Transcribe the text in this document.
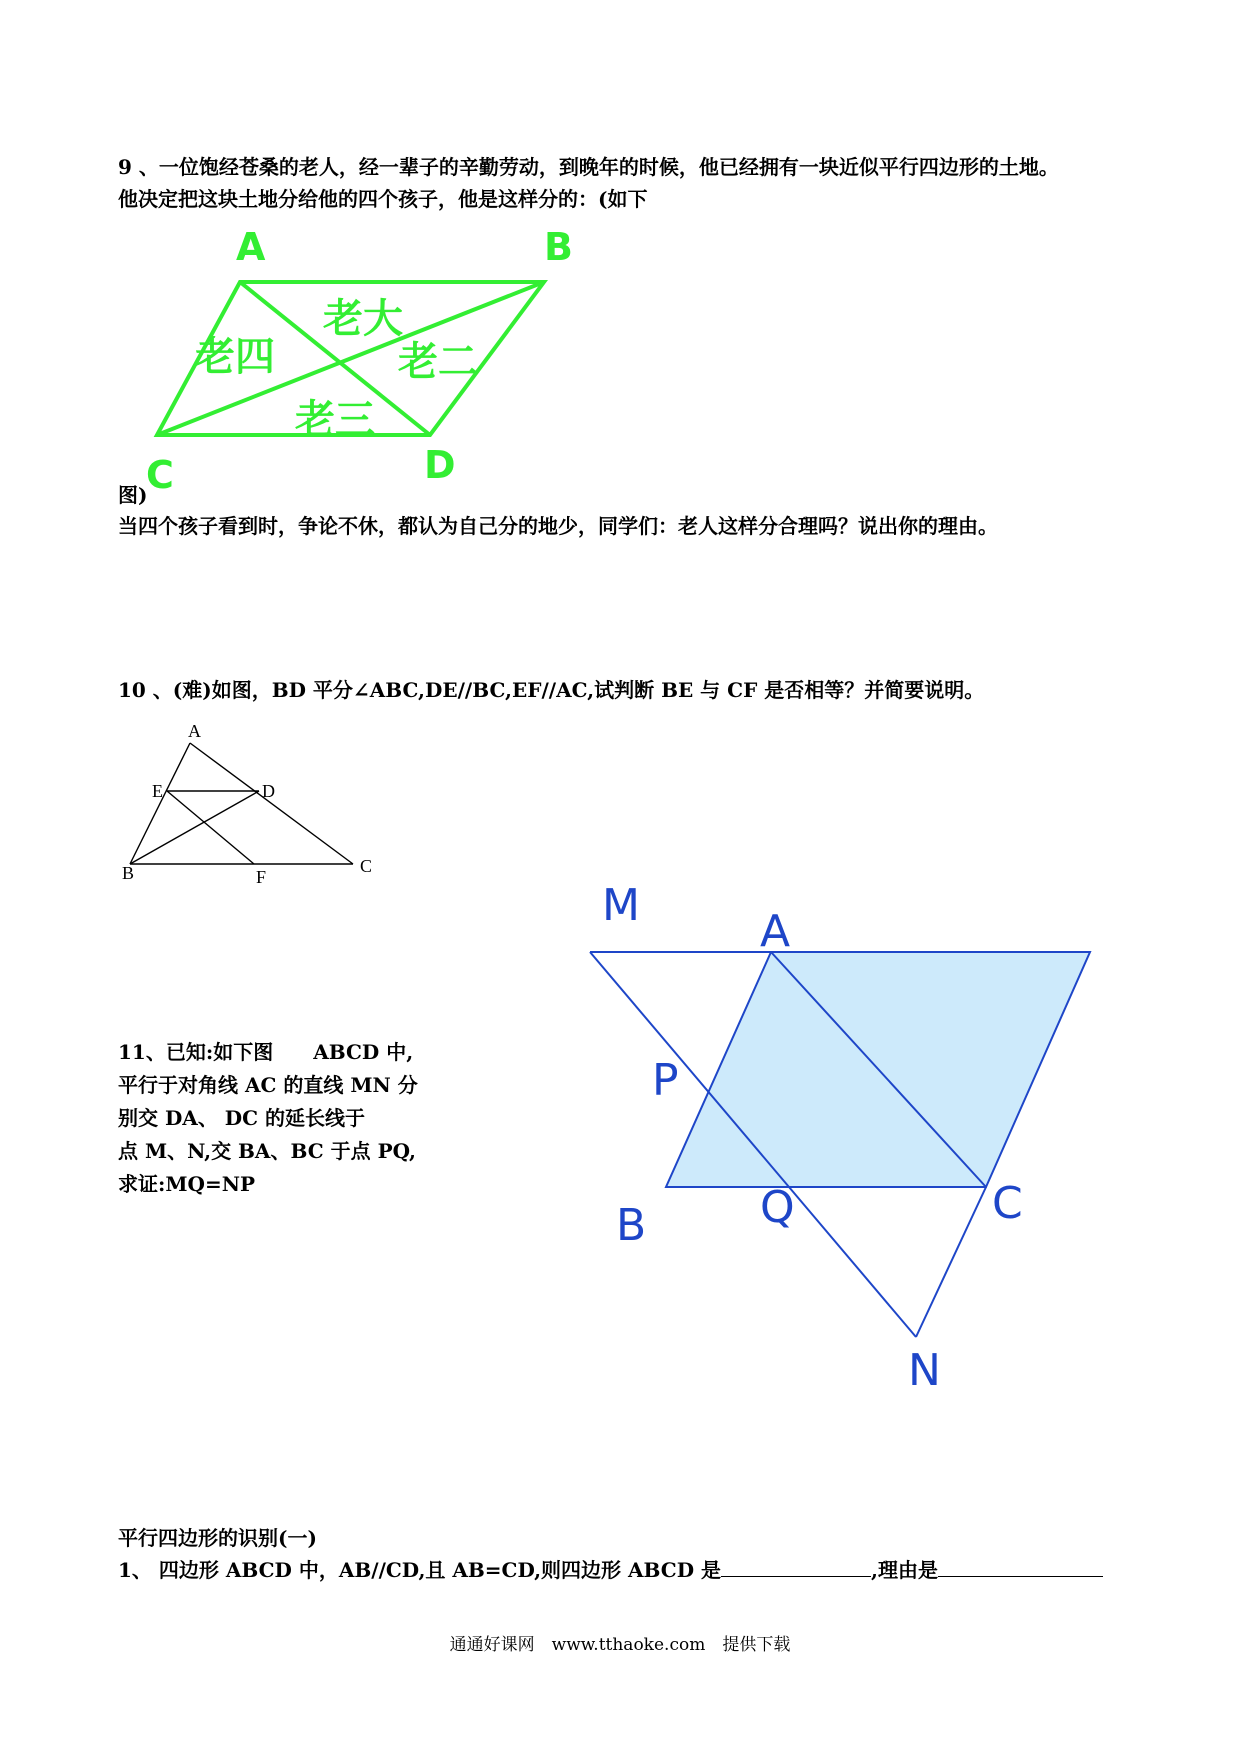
9 、一位饱经苍桑的老人，经一辈子的辛勤劳动，到晚年的时候，他已经拥有一块近似平行四边形的土地。
他决定把这块土地分给他的四个孩子，他是这样分的：(如下
A	B
C	D
老大
老二
老三
老四
图)
当四个孩子看到时，争论不休，都认为自己分的地少，同学们：老人这样分合理吗？说出你的理由。
10 、(难)如图，BD 平分∠ABC,DE//BC,EF//AC,试判断 BE 与 CF 是否相等？并简要说明。
A
E	D
B	F
C
11、已知:如下图　　ABCD 中,
平行于对角线 AC 的直线 MN 分
别交 DA、 DC 的延长线于
点 M、N,交 BA、BC 于点 PQ,
求证:MQ=NP
M
A
P
B	Q	C
N
平行四边形的识别(一)
1、 四边形 ABCD 中，AB//CD,且 AB=CD,则四边形 ABCD 是	,理由是
通通好课网　www.tthaoke.com　提供下载
